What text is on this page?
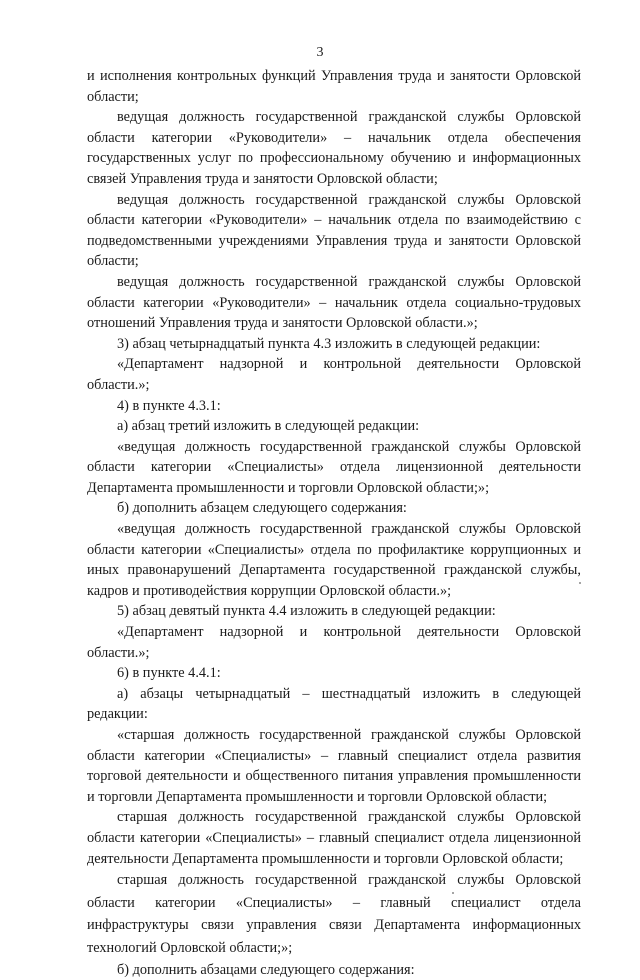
3

и исполнения контрольных функций Управления труда и занятости Орловской области;

ведущая должность государственной гражданской службы Орловской области категории «Руководители» – начальник отдела обеспечения государственных услуг по профессиональному обучению и информационных связей Управления труда и занятости Орловской области;

ведущая должность государственной гражданской службы Орловской области категории «Руководители» – начальник отдела по взаимодействию с подведомственными учреждениями Управления труда и занятости Орловской области;

ведущая должность государственной гражданской службы Орловской области категории «Руководители» – начальник отдела социально-трудовых отношений Управления труда и занятости Орловской области.»;

3) абзац четырнадцатый пункта 4.3 изложить в следующей редакции:

«Департамент надзорной и контрольной деятельности Орловской области.»;

4) в пункте 4.3.1:

а) абзац третий изложить в следующей редакции:

«ведущая должность государственной гражданской службы Орловской области категории «Специалисты» отдела лицензионной деятельности Департамента промышленности и торговли Орловской области;»;

б) дополнить абзацем следующего содержания:

«ведущая должность государственной гражданской службы Орловской области категории «Специалисты» отдела по профилактике коррупционных и иных правонарушений Департамента государственной гражданской службы, кадров и противодействия коррупции Орловской области.»;

5) абзац девятый пункта 4.4 изложить в следующей редакции:

«Департамент надзорной и контрольной деятельности Орловской области.»;

6) в пункте 4.4.1:

а) абзацы четырнадцатый – шестнадцатый изложить в следующей редакции:

«старшая должность государственной гражданской службы Орловской области категории «Специалисты» – главный специалист отдела развития торговой деятельности и общественного питания управления промышленности и торговли Департамента промышленности и торговли Орловской области;

старшая должность государственной гражданской службы Орловской области категории «Специалисты» – главный специалист отдела лицензионной деятельности Департамента промышленности и торговли Орловской области;

старшая должность государственной гражданской службы Орловской области категории «Специалисты» – главный специалист отдела инфраструктуры связи управления связи Департамента информационных технологий Орловской области;»;

б) дополнить абзацами следующего содержания:
